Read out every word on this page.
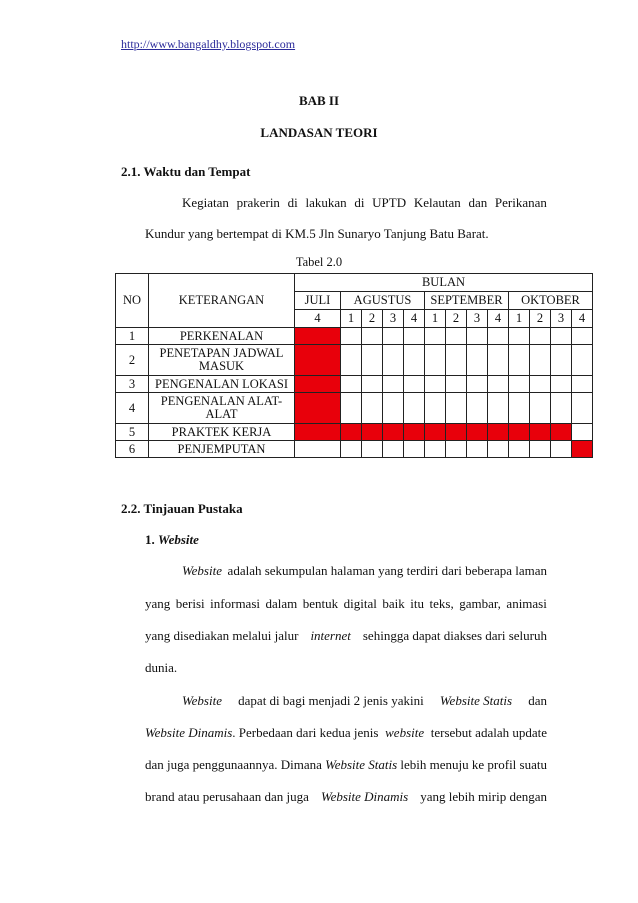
http://www.bangaldhy.blogspot.com
BAB II
LANDASAN TEORI
2.1. Waktu dan Tempat
Kegiatan prakerin di lakukan di UPTD Kelautan dan Perikanan
Kundur yang bertempat di KM.5 Jln Sunaryo Tanjung Batu Barat.
Tabel 2.0
NO	KETERANGAN	BULAN												
		JULI	AGUSTUS				SEPTEMBER				OKTOBER			
		4	1	2	3	4	1	2	3	4	1	2	3	4
1	PERKENALAN													
2	PENETAPAN JADWAL MASUK													
3	PENGENALAN LOKASI													
4	PENGENALAN ALAT-ALAT													
5	PRAKTEK KERJA													
6	PENJEMPUTAN													
2.2. Tinjauan Pustaka
1. Website
Website adalah sekumpulan halaman yang terdiri dari beberapa laman
yang berisi informasi dalam bentuk digital baik itu teks, gambar, animasi
yang disediakan melalui jalur internet sehingga dapat diakses dari seluruh
dunia.
Website dapat di bagi menjadi 2 jenis yakini Website Statis dan
Website Dinamis. Perbedaan dari kedua jenis website tersebut adalah update
dan juga penggunaannya. Dimana Website Statis lebih menuju ke profil suatu
brand atau perusahaan dan juga Website Dinamis yang lebih mirip dengan
